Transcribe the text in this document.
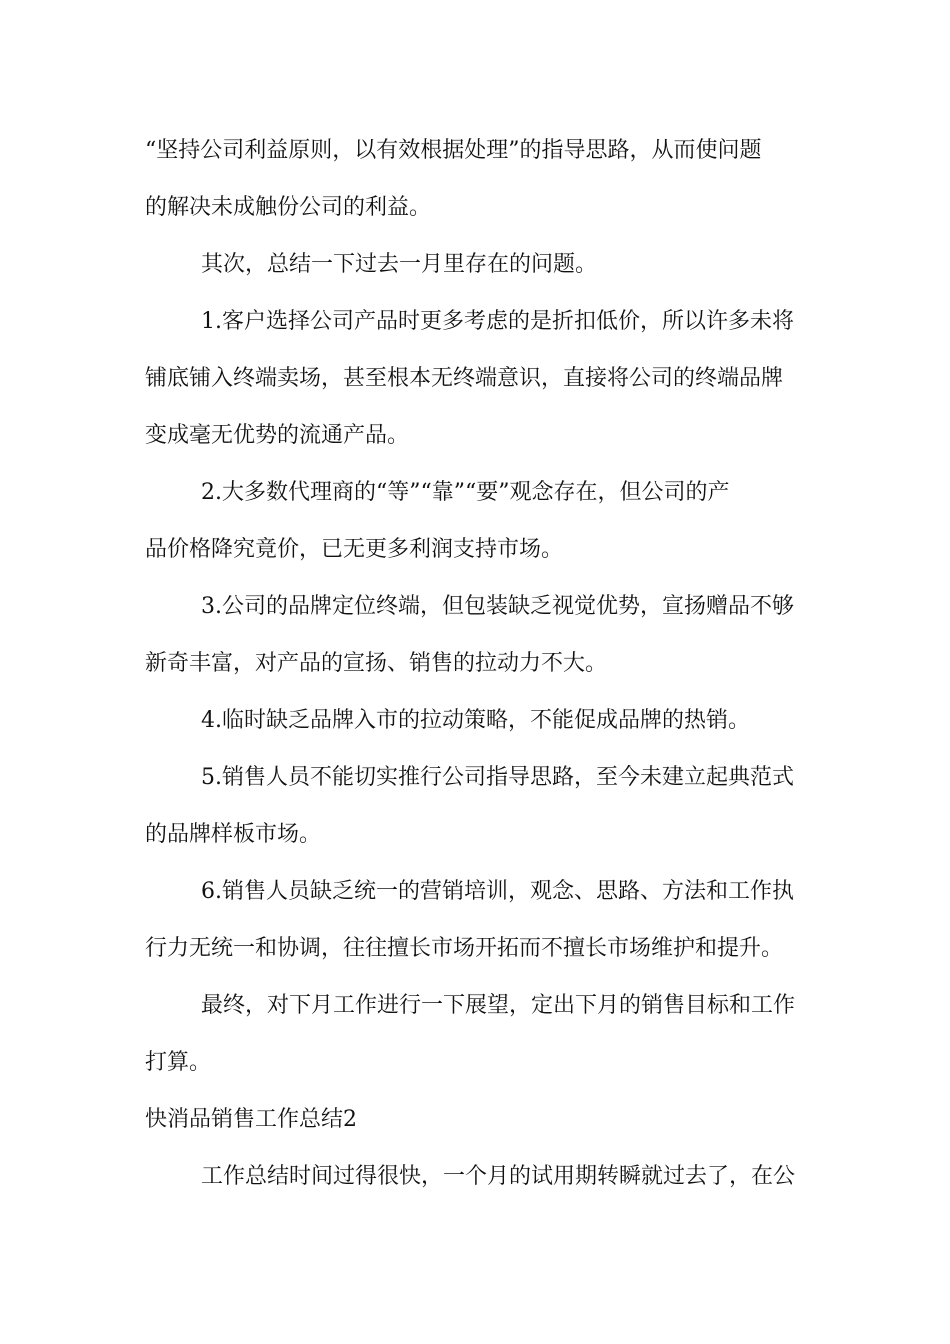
“坚持公司利益原则，以有效根据处理”的指导思路，从而使问题
的解决未成触份公司的利益。
其次，总结一下过去一月里存在的问题。
1.客户选择公司产品时更多考虑的是折扣低价，所以许多未将
铺底铺入终端卖场，甚至根本无终端意识，直接将公司的终端品牌
变成毫无优势的流通产品。
2.大多数代理商的“等”“靠”“要”观念存在，但公司的产
品价格降究竟价，已无更多利润支持市场。
3.公司的品牌定位终端，但包装缺乏视觉优势，宣扬赠品不够
新奇丰富，对产品的宣扬、销售的拉动力不大。
4.临时缺乏品牌入市的拉动策略，不能促成品牌的热销。
5.销售人员不能切实推行公司指导思路，至今未建立起典范式
的品牌样板市场。
6.销售人员缺乏统一的营销培训，观念、思路、方法和工作执
行力无统一和协调，往往擅长市场开拓而不擅长市场维护和提升。
最终，对下月工作进行一下展望，定出下月的销售目标和工作
打算。
快消品销售工作总结2
工作总结时间过得很快，一个月的试用期转瞬就过去了，在公
